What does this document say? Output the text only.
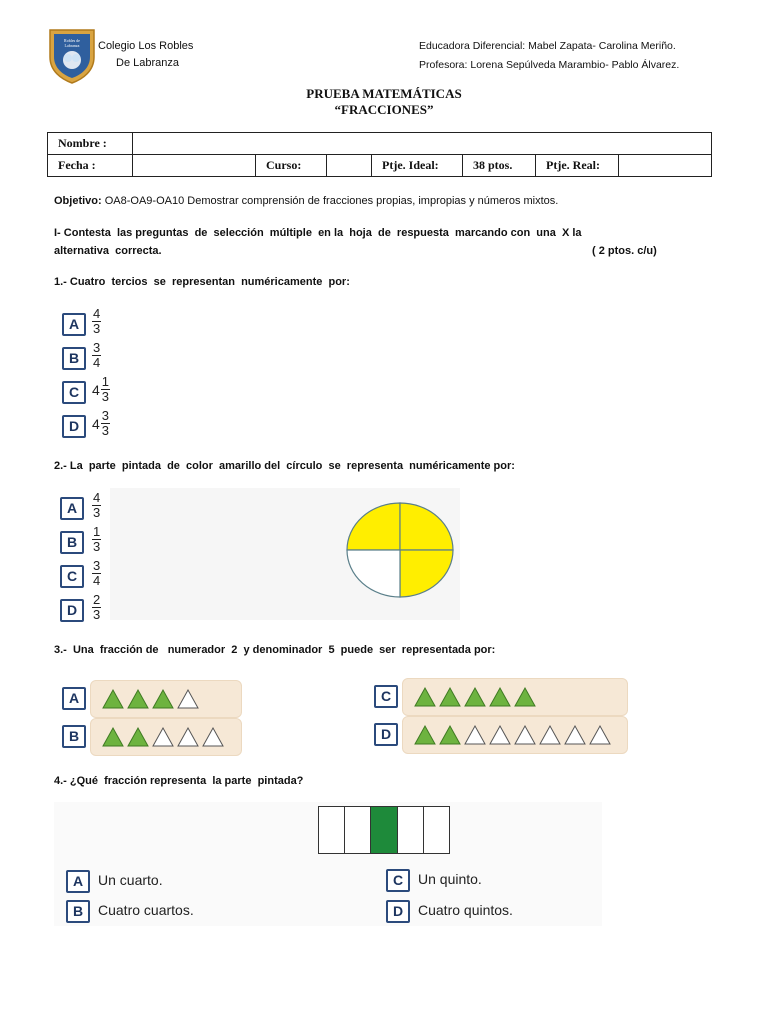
Robles de Labranza	Colegio Los Robles
De Labranza
Educadora Diferencial: Mabel Zapata- Carolina Meriño.
Profesora: Lorena Sepúlveda Marambio- Pablo Álvarez.
PRUEBA MATEMÁTICAS
“FRACCIONES”
Nombre :							
Fecha :		Curso:		Ptje. Ideal:	38 ptos.	Ptje. Real:	
Objetivo: OA8-OA9-OA10 Demostrar comprensión de fracciones propias, impropias y números mixtos.
I- Contesta  las preguntas  de  selección  múltiple  en la  hoja  de  respuesta  marcando con  una  X la
alternativa  correcta.	( 2 ptos. c/u)
1.- Cuatro  tercios  se  representan  numéricamente  por:
A $\frac{4}{3}$
B $\frac{3}{4}$
C $4 \frac{1}{3}$
D $4 \frac{3}{3}$
2.- La  parte  pintada  de  color  amarillo del  círculo  se  representa  numéricamente por:
A	$\frac{4}{3}$
B	$\frac{1}{3}$
C	$\frac{3}{4}$
D	$\frac{2}{3}$
3.-  Una  fracción de   numerador  2  y denominador  5  puede  ser  representada por:
A
B
C
D
4.- ¿Qué  fracción representa  la parte  pintada?
A	Un cuarto.
B	Cuatro cuartos.
C	Un quinto.
D	Cuatro quintos.
